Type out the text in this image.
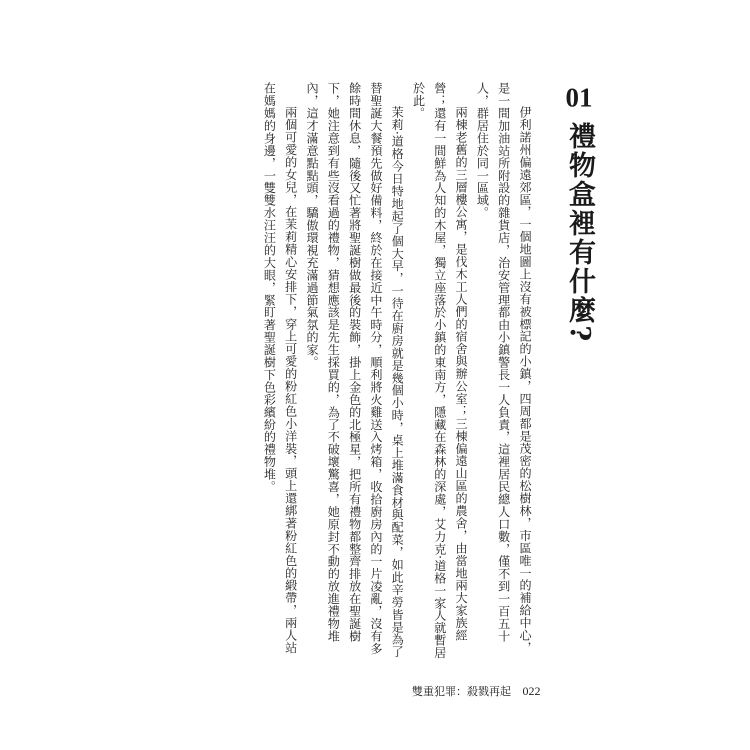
01 禮物盒裡有什麼?

伊利諾州偏遠郊區，一個地圖上沒有被標記的小鎮，四周都是茂密的松樹林，市區唯一的補給中心，是一間加油站所附設的雜貨店，治安管理都由小鎮警長一人負責，這裡居民總人口數，僅不到一百五十人，群居住於同一區域。

兩棟老舊的三層樓公寓，是伐木工人們的宿舍與辦公室；三棟偏遠山區的農舍，由當地兩大家族經營；還有一間鮮為人知的木屋，獨立座落於小鎮的東南方，隱藏在森林的深處，艾力克·道格一家人就暫居於此。

茉莉·道格今日特地起了個大早，一待在廚房就是幾個小時，桌上堆滿食材與配菜，如此辛勞皆是為了替聖誕大餐預先做好備料，終於在接近中午時分，順利將火雞送入烤箱，收拾廚房內的一片凌亂，沒有多餘時間休息，隨後又忙著將聖誕樹做最後的裝飾，掛上金色的北極星，把所有禮物都整齊排放在聖誕樹下，她注意到有些沒看過的禮物，猜想應該是先生採買的，為了不破壞驚喜，她原封不動的放進禮物堆內，這才滿意點點頭，驕傲環視充滿過節氣氛的家。

兩個可愛的女兒，在茉莉精心安排下，穿上可愛的粉紅色小洋裝，頭上還綁著粉紅色的緞帶，兩人站在媽媽的身邊，一雙雙水汪汪的大眼，緊盯著聖誕樹下色彩繽紛的禮物堆。

雙重犯罪：殺戮再起 022
